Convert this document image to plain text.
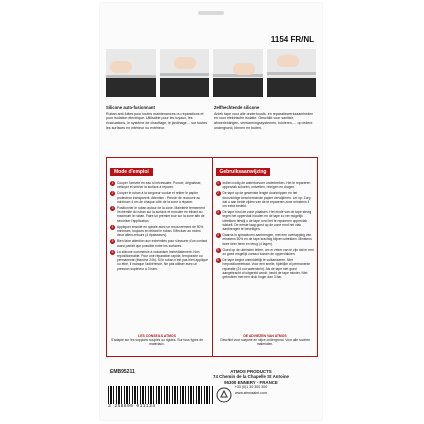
1154 FR/NL
Silicone auto-fusionnant
Ruban anti-fuites pour toutes maintenances ou réparations et pour isolation électrique. Utilisable pour les tuyaux, les évacuations, le système de chauffage, le jardinage… sur toutes les surfaces en intérieur ou extérieur.
Zelfhechtende silicone
Anlek tape voor alle onderhouds- en reparatiewerkzaamheden en voor elektrische isolatie. Geschikt voor sanitair, afvoerleidingen, verwarmingssystemen, tuinieren,… op iedere ondergrond, binnen en buiten.
Mode d'emploi
1	Couper l'arrivée en eau si nécessaire. Poncer, dégraisser, nettoyer et sécher la surface à réparer.
2	Couper le ruban à la longueur voulue et retirer le papier protecteur transparent. Attention : Prévoir de recouvrir au minimum 4 cm de chaque côté de la zone à réparer.
3	Positionner le ruban autour de la zone. Maintenir fermement l'extrémité du ruban sur la surface et enrouler en étirant au maximum le ruban. Faire un premier tour sur la zone afin de sécuriser l'application.
4	Appliquer ensuite en spirale avec un recouvrement de 50% minimum, toujours en étirant le ruban. Effectuer au moins deux allers-retours (4 épaisseurs).
5	Bien faire attention aux extrémités pour s'assurer d'un contact aussi parfait que possible entre les surfaces.
6	La silicone commence à vulcaniser immédiatement. Non repositionnable. Pour une réparation rapide, temporaire ou permanente (étanche 24h). Si le ruban n'est pas bien appliqué ou étiré, il manque l'adhérence. Ne pas utiliser avec un pression supérieur à 3 bars.
Gebruiksaanwijzing
1	Indien nodig de watertoevoer onderbreken. Het te repareren oppervlak schuren, ontvetten, reinigen en drogen.
2	De tape op de gewenste lengte doorknippen en het doorzichtige beschermende papier verwijderen. Let op: Zorg dat u aan beide zijden van de te repareren zone minstens 4 cm extra bedekt.
3	De tape rond de zone plaatsen. Het einde van de tape stevig tegen het oppervlak houden en de tape zo ver mogelijk uitrekken terwijl u de tape rond het te repareren oppervlak wikkelt. De eerste laag goed op de zone rond het vlak aanbrengen te beveiligen.
4	Daarna in spiraalvorm aanbrengen, met een overlapping van minstens 50% en de tape krachtig blijven uitrekken. Minstens twee keer heen en terug (4 lagen).
5	Goed op de uiteinden letten, om er zeker van te zijn dat er een zo goed mogelijk contact tussen de oppervlakken.
6	De tape begint onmiddellijk te vulkaniseren. Niet herpositioneerbaar. Voor een snelle, tijdelijke of permanente reparatie (24 uur waterdicht). Als de tape niet goed aangebracht of uitgerekt wordt, hecht de tape minder. Niet gebruiken met een druk hoger dan 3 bar.
LES CONSEILS ATMOS
S'adapte sur les supports souples ou rigides. Sur tous types de matériaux.
DE ADVIEZEN VAN ATMOS
Geschikt voor soepele en stijve ondergrond. Voor alle soorten materialen.
EMB95211	ATMOS PRODUCTS
74 Chemin de la Chapelle St Antoine
95300 ENNERY - FRANCE
+33 (0)1 30 300 300
www.atmosaint.com
3 258800 011134
